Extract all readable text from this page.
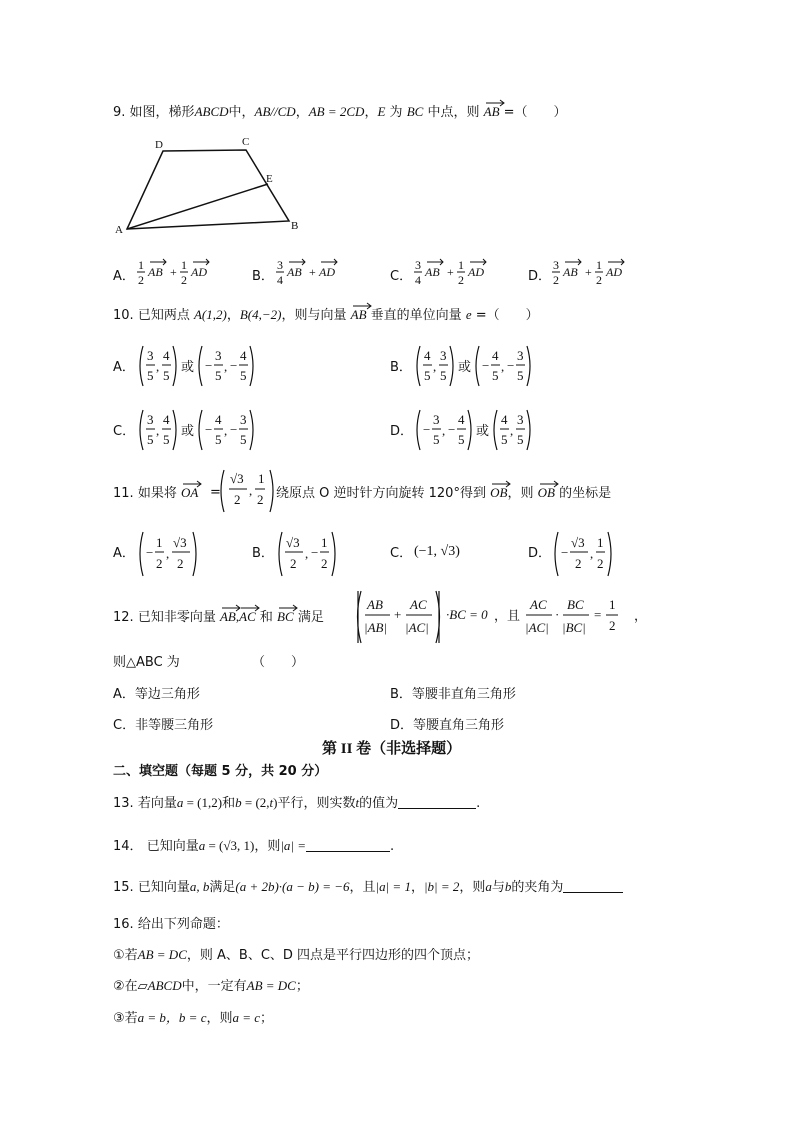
9. 如图，梯形ABCD中，AB//CD，AB = 2CD，E 为 BC 中点，则 AB =（　　）
A	B
C
D
E
10. 已知两点 A(1,2)，B(4,−2)，则与向量 AB 垂直的单位向量 e =（　　）
11. 如果将 OA =
√3
2
,
1
2 绕原点 O 逆时针方向旋转 120°得到 OB，则 OB 的坐标是
12. 已知非零向量 AB,
AC 和 BC 满足
AB
|AB|
+
AC
|AC|
·BC = 0 ，且
AC
|AC|
·
BC
|BC|
=
1
2
，
则△ABC 为	（　　）
第 II 卷（非选择题）
二、填空题（每题 5 分，共 20 分）
13. 若向量a = (1,2)和b = (2,t)平行，则实数t的值为	.
14． 已知向量a = (√3, 1)，则|a| =	.
15. 已知向量a, b满足(a + 2b)·(a − b) = −6，且|a| = 1，|b| = 2，则a与b的夹角为
16. 给出下列命题：
①若AB = DC，则 A、B、C、D 四点是平行四边形的四个顶点；
②在▱ABCD中，一定有AB = DC；
③若a = b，b = c，则a = c；
A．
1
2
AB + 1
2
AD	B．
3
4
AB + AD	C．
3
4
AB + 1
2
AD	D．
3
2
AB + 1
2
AD
A．
3
5
,
4
5
或 −
3
5
, −
4
5
B．
4
5
,
3
5
或 −
4
5
, −
3
5
C．
3
5
,
4
5
或 −
4
5
, −
3
5
D． −
3
5
, −
4
5
或
4
5
,
3
5
A． −
1
2
,
√3
2
B．
√3
2
, −
1
2
C． (−1, √3)	D． −
√3
2
,
1
2
A．等边三角形	B．等腰非直角三角形
C．非等腰三角形	D．等腰直角三角形
